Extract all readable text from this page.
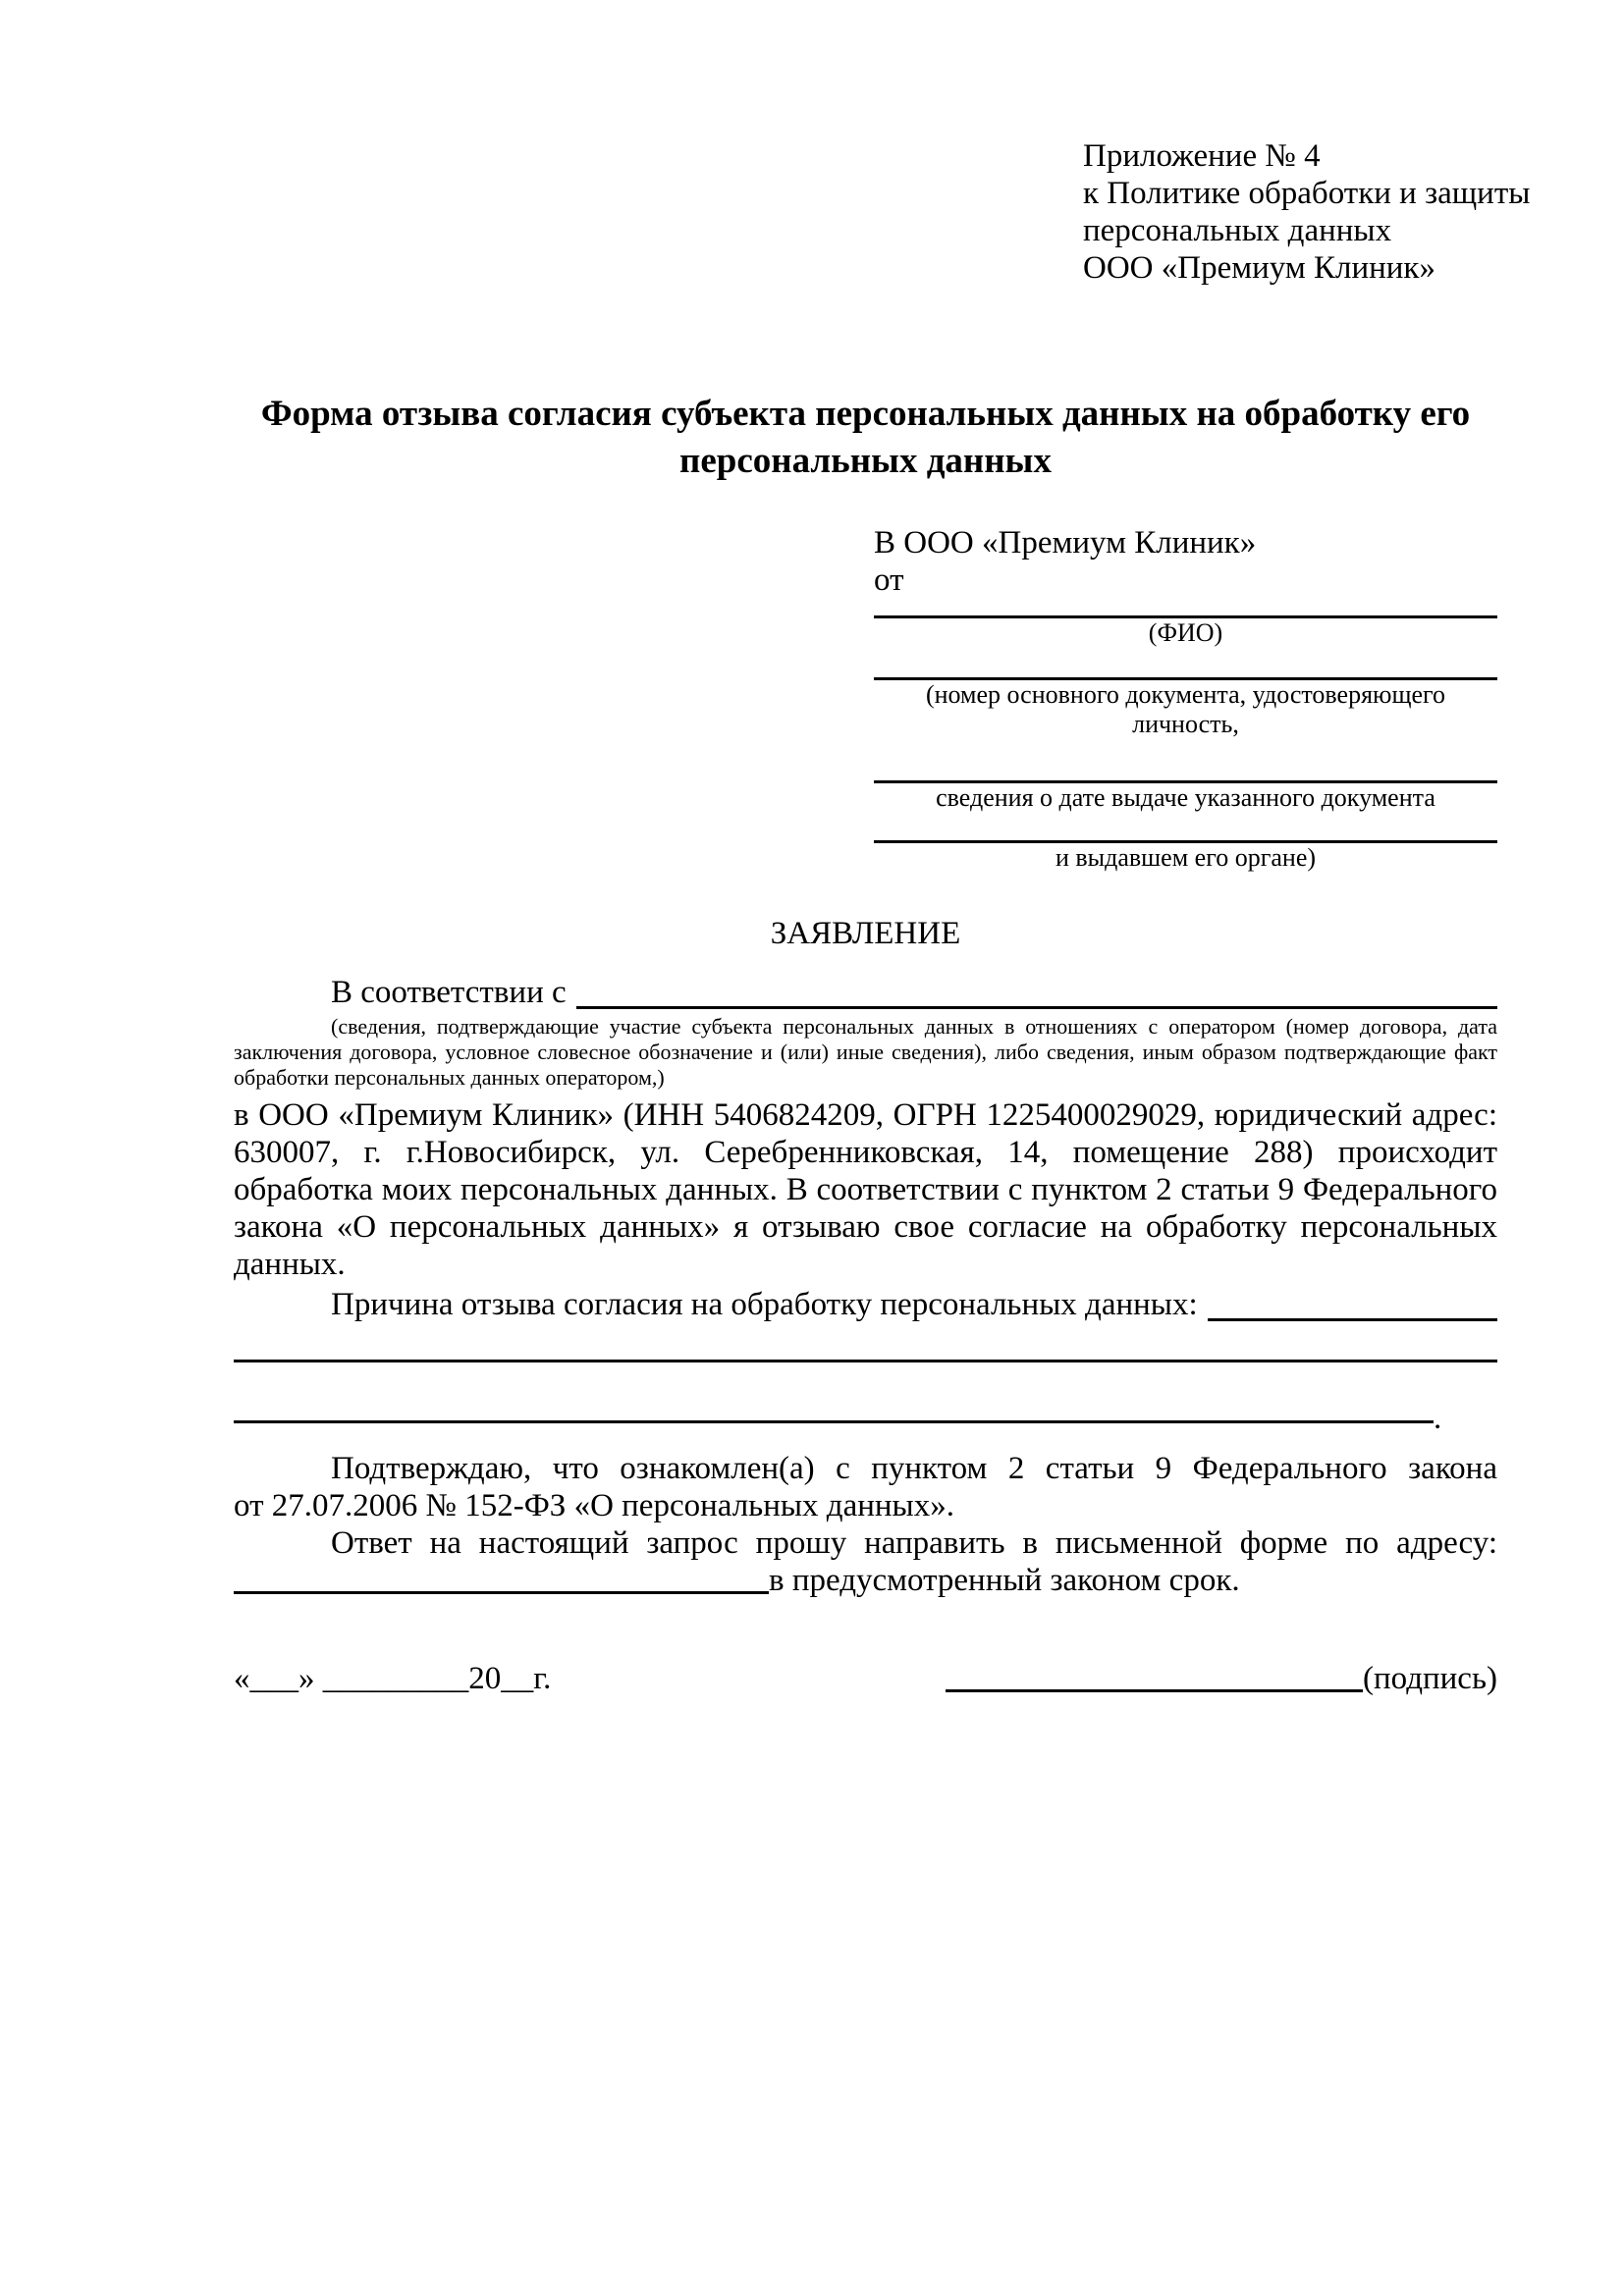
Приложение № 4
к Политике обработки и защиты
персональных данных
ООО «Премиум Клиник»
Форма отзыва согласия субъекта персональных данных на обработку его персональных данных
В ООО «Премиум Клиник»
от
(ФИО)
(номер основного документа, удостоверяющего личность,
сведения о дате выдаче указанного документа
и выдавшем его органе)
ЗАЯВЛЕНИЕ
В соответствии с
(сведения, подтверждающие участие субъекта персональных данных в отношениях с оператором (номер договора, дата
заключения договора, условное словесное обозначение и (или) иные сведения), либо сведения, иным образом подтверждающие факт
обработки персональных данных оператором,)
в ООО «Премиум Клиник» (ИНН 5406824209, ОГРН 1225400029029, юридический адрес:
630007, г. г.Новосибирск, ул. Серебренниковская, 14, помещение 288) происходит
обработка моих персональных данных. В соответствии с пунктом 2 статьи 9 Федерального
закона «О персональных данных» я отзываю свое согласие на обработку персональных
данных.
Причина отзыва согласия на обработку персональных данных:
.
Подтверждаю, что ознакомлен(а) с пунктом 2 статьи 9 Федерального закона
от 27.07.2006 № 152-ФЗ «О персональных данных».
Ответ на настоящий запрос прошу направить в письменной форме по адресу:
в предусмотренный законом срок.
«___» _________20__г.	(подпись)
